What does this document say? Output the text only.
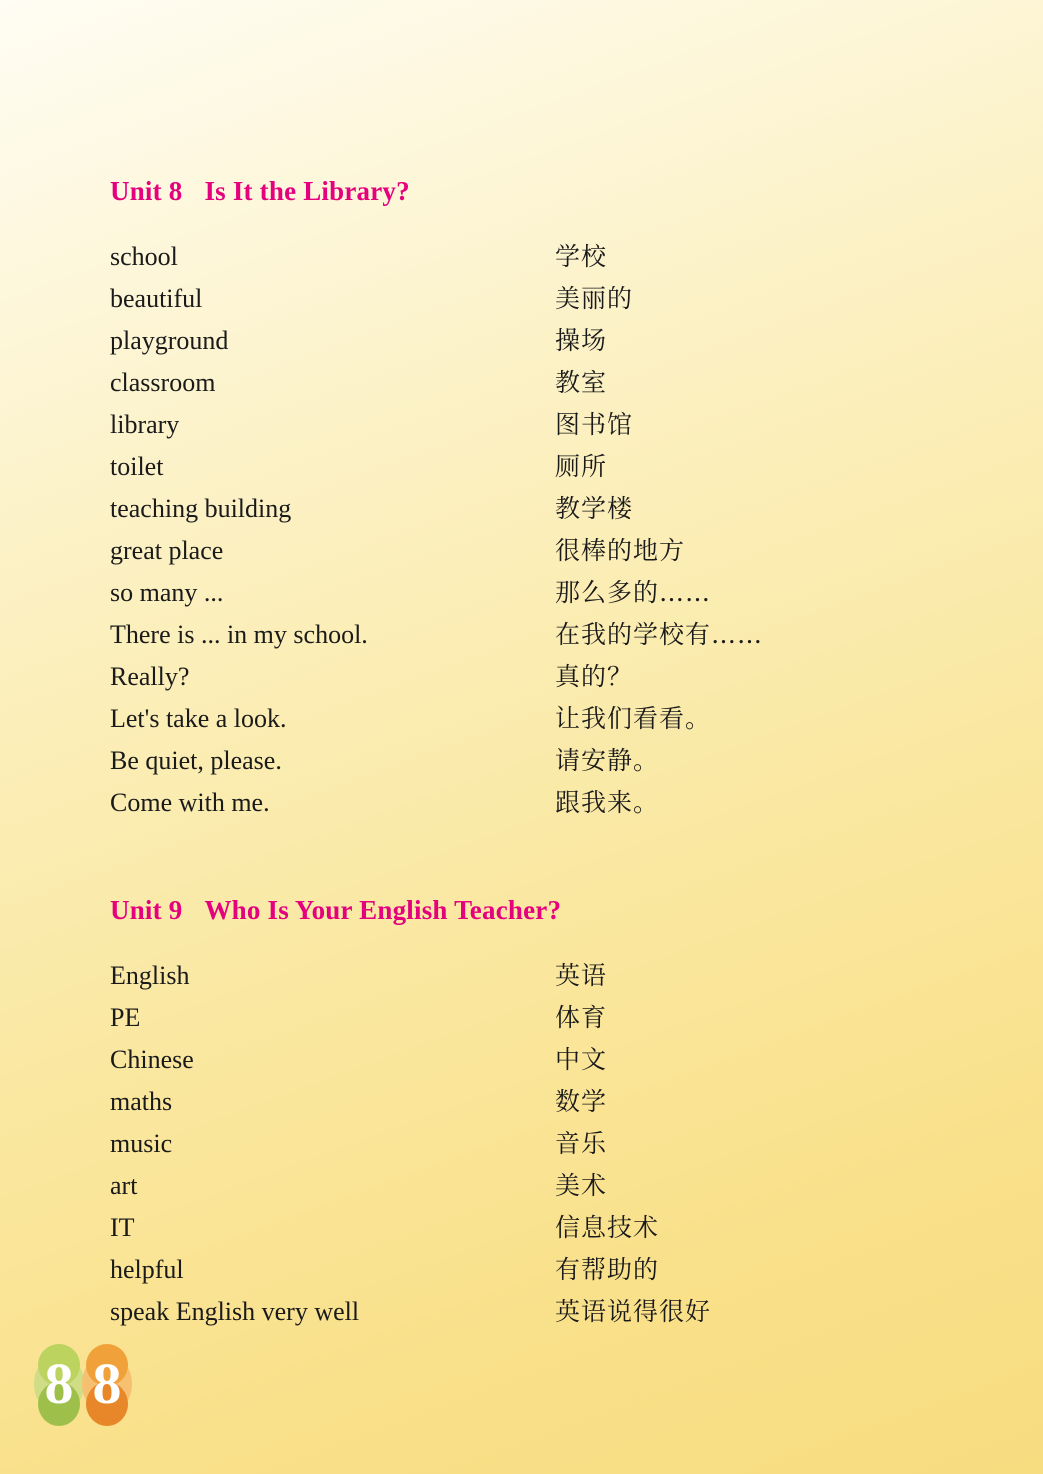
Unit 8 Is It the Library?
school	学校
beautiful	美丽的
playground	操场
classroom	教室
library	图书馆
toilet	厕所
teaching building	教学楼
great place	很棒的地方
so many ...	那么多的……
There is ... in my school.	在我的学校有……
Really?	真的？
Let's take a look.	让我们看看。
Be quiet, please.	请安静。
Come with me.	跟我来。
Unit 9 Who Is Your English Teacher?
English	英语
PE	体育
Chinese	中文
maths	数学
music	音乐
art	美术
IT	信息技术
helpful	有帮助的
speak English very well	英语说得很好
8 8
